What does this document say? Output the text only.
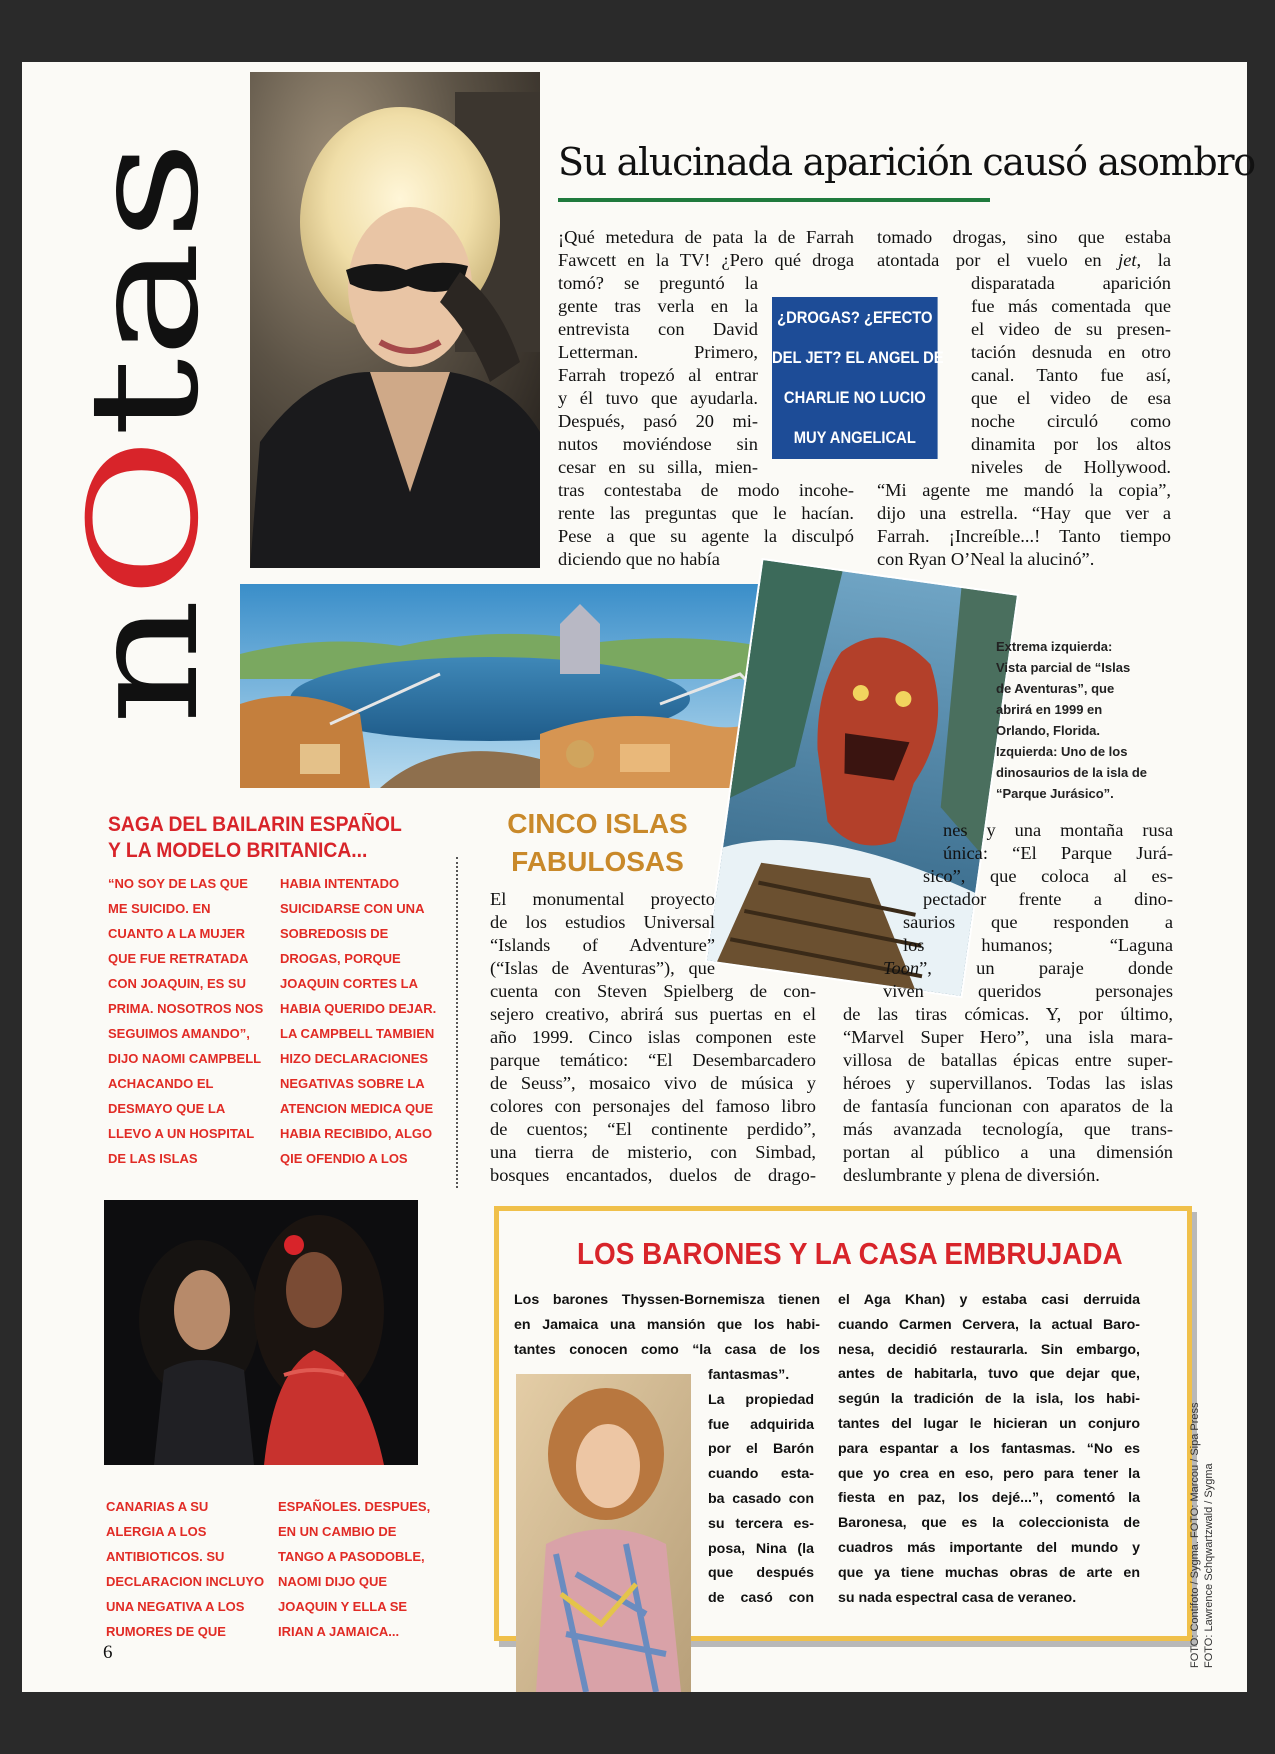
nOtas
Su alucinada aparición causó asombro

¡Qué metedura de pata la de Farrah

Fawcett en la TV! ¿Pero qué droga

tomó? se preguntó la

gente tras verla en la

entrevista con David

Letterman. Primero,

Farrah tropezó al entrar

y él tuvo que ayudarla.

Después, pasó 20 mi-

nutos moviéndose sin

cesar en su silla, mien-

tras contestaba de modo incohe-

rente las preguntas que le hacían.

Pese a que su agente la disculpó

diciendo que no había

¿DROGAS? ¿EFECTO
DEL JET? EL ANGEL DE
CHARLIE NO LUCIO
MUY ANGELICAL

tomado drogas, sino que estaba

atontada por el vuelo en jet, la

disparatada aparición

fue más comentada que

el video de su presen-

tación desnuda en otro

canal. Tanto fue así,

que el video de esa

noche circuló como

dinamita por los altos

niveles de Hollywood.

“Mi agente me mandó la copia”,

dijo una estrella. “Hay que ver a

Farrah. ¡Increíble...! Tanto tiempo

con Ryan O’Neal la alucinó”.

Extrema izquierda:
Vista parcial de “Islas
de Aventuras”, que
abrirá en 1999 en
Orlando, Florida.
Izquierda: Uno de los
dinosaurios de la isla de
“Parque Jurásico”.
SAGA DEL BAILARIN ESPAÑOL
Y LA MODELO BRITANICA...
“NO SOY DE LAS QUE
ME SUICIDO. EN
CUANTO A LA MUJER
QUE FUE RETRATADA
CON JOAQUIN, ES SU
PRIMA. NOSOTROS NOS
SEGUIMOS AMANDO”,
DIJO NAOMI CAMPBELL
ACHACANDO EL
DESMAYO QUE LA
LLEVO A UN HOSPITAL
DE LAS ISLAS
HABIA INTENTADO
SUICIDARSE CON UNA
SOBREDOSIS DE
DROGAS, PORQUE
JOAQUIN CORTES LA
HABIA QUERIDO DEJAR.
LA CAMPBELL TAMBIEN
HIZO DECLARACIONES
NEGATIVAS SOBRE LA
ATENCION MEDICA QUE
HABIA RECIBIDO, ALGO
QIE OFENDIO A LOS
CINCO ISLAS
FABULOSAS

El monumental proyecto

de los estudios Universal

“Islands of Adventure”

(“Islas de Aventuras”), que

cuenta con Steven Spielberg de con-

sejero creativo, abrirá sus puertas en el

año 1999. Cinco islas componen este

parque temático: “El Desembarcadero

de Seuss”, mosaico vivo de música y

colores con personajes del famoso libro

de cuentos; “El continente perdido”,

una tierra de misterio, con Simbad,

bosques encantados, duelos de drago-

nes y una montaña rusa

única: “El Parque Jurá-

sico”, que coloca al es-

pectador frente a dino-

saurios que responden a

los humanos; “Laguna

Toon”, un paraje donde

viven queridos personajes

de las tiras cómicas. Y, por último,

“Marvel Super Hero”, una isla mara-

villosa de batallas épicas entre super-

héroes y supervillanos. Todas las islas

de fantasía funcionan con aparatos de la

más avanzada tecnología, que trans-

portan al público a una dimensión

deslumbrante y plena de diversión.

CANARIAS A SU
ALERGIA A LOS
ANTIBIOTICOS. SU
DECLARACION INCLUYO
UNA NEGATIVA A LOS
RUMORES DE QUE
ESPAÑOLES. DESPUES,
EN UN CAMBIO DE
TANGO A PASODOBLE,
NAOMI DIJO QUE
JOAQUIN Y ELLA SE
IRIAN A JAMAICA...
LOS BARONES Y LA CASA EMBRUJADA
Los barones Thyssen-Bornemisza tienen
en Jamaica una mansión que los habi-
tantes conocen como “la casa de los
fantasmas”.
La propiedad
fue adquirida
por el Barón
cuando esta-
ba casado con
su tercera es-
posa, Nina (la
que después
de casó con
el Aga Khan) y estaba casi derruida
cuando Carmen Cervera, la actual Baro-
nesa, decidió restaurarla. Sin embargo,
antes de habitarla, tuvo que dejar que,
según la tradición de la isla, los habi-
tantes del lugar le hicieran un conjuro
para espantar a los fantasmas. “No es
que yo crea en eso, pero para tener la
fiesta en paz, los dejé...”, comentó la
Baronesa, que es la coleccionista de
cuadros más importante del mundo y
que ya tiene muchas obras de arte en
su nada espectral casa de veraneo.	FOTO: Contifoto / Sygma. FOTO: Marcou / Sipa Press FOTO: Lawrence Schqwartzwald / Sygma
6
